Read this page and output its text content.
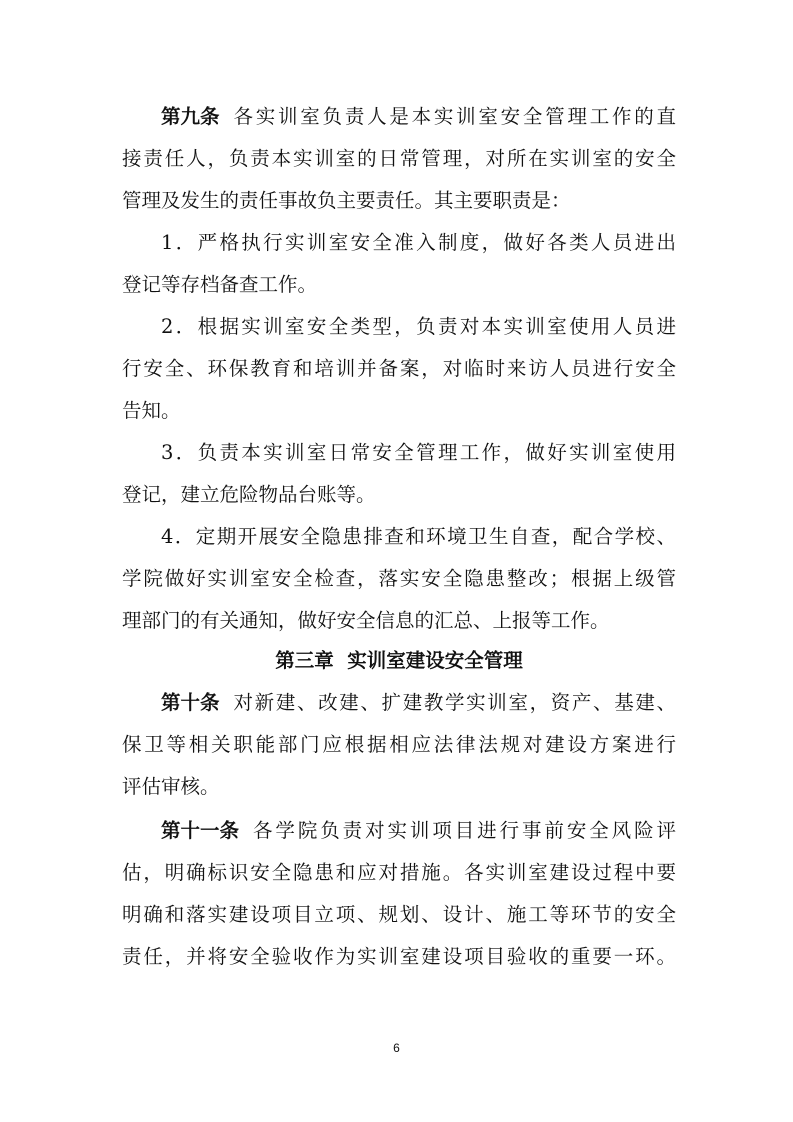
第九条 各实训室负责人是本实训室安全管理工作的直
接责任人，负责本实训室的日常管理，对所在实训室的安全
管理及发生的责任事故负主要责任。其主要职责是：
1．严格执行实训室安全准入制度，做好各类人员进出
登记等存档备查工作。
2．根据实训室安全类型，负责对本实训室使用人员进
行安全、环保教育和培训并备案，对临时来访人员进行安全
告知。
3．负责本实训室日常安全管理工作，做好实训室使用
登记，建立危险物品台账等。
4．定期开展安全隐患排查和环境卫生自查，配合学校、
学院做好实训室安全检查，落实安全隐患整改；根据上级管
理部门的有关通知，做好安全信息的汇总、上报等工作。
第三章  实训室建设安全管理
第十条 对新建、改建、扩建教学实训室，资产、基建、
保卫等相关职能部门应根据相应法律法规对建设方案进行
评估审核。
第十一条 各学院负责对实训项目进行事前安全风险评
估，明确标识安全隐患和应对措施。各实训室建设过程中要
明确和落实建设项目立项、规划、设计、施工等环节的安全
责任，并将安全验收作为实训室建设项目验收的重要一环。
6
